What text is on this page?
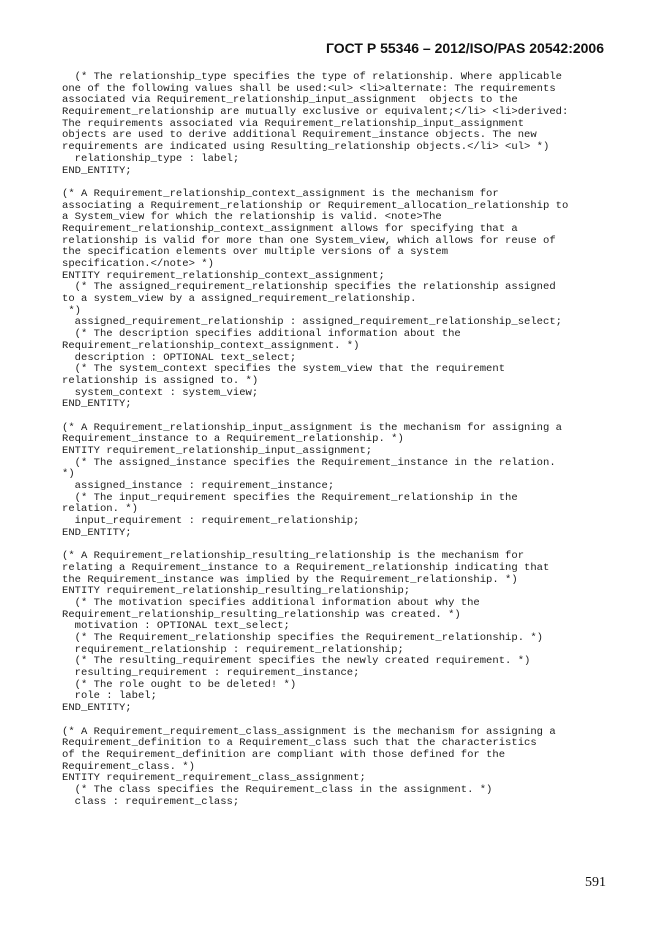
ГОСТ Р 55346 – 2012/ISO/PAS 20542:2006
(* The relationship_type specifies the type of relationship. Where applicable
one of the following values shall be used:<ul> <li>alternate: The requirements
associated via Requirement_relationship_input_assignment  objects to the
Requirement_relationship are mutually exclusive or equivalent;</li> <li>derived:
The requirements associated via Requirement_relationship_input_assignment
objects are used to derive additional Requirement_instance objects. The new
requirements are indicated using Resulting_relationship objects.</li> <ul> *)
relationship_type : label;
END_ENTITY;
(* A Requirement_relationship_context_assignment is the mechanism for
associating a Requirement_relationship or Requirement_allocation_relationship to
a System_view for which the relationship is valid. <note>The
Requirement_relationship_context_assignment allows for specifying that a
relationship is valid for more than one System_view, which allows for reuse of
the specification elements over multiple versions of a system
specification.</note> *)
ENTITY requirement_relationship_context_assignment;
(* The assigned_requirement_relationship specifies the relationship assigned
to a system_view by a assigned_requirement_relationship.
*)
assigned_requirement_relationship : assigned_requirement_relationship_select;
(* The description specifies additional information about the
Requirement_relationship_context_assignment. *)
description : OPTIONAL text_select;
(* The system_context specifies the system_view that the requirement
relationship is assigned to. *)
system_context : system_view;
END_ENTITY;
(* A Requirement_relationship_input_assignment is the mechanism for assigning a
Requirement_instance to a Requirement_relationship. *)
ENTITY requirement_relationship_input_assignment;
(* The assigned_instance specifies the Requirement_instance in the relation.
*)
assigned_instance : requirement_instance;
(* The input_requirement specifies the Requirement_relationship in the
relation. *)
input_requirement : requirement_relationship;
END_ENTITY;
(* A Requirement_relationship_resulting_relationship is the mechanism for
relating a Requirement_instance to a Requirement_relationship indicating that
the Requirement_instance was implied by the Requirement_relationship. *)
ENTITY requirement_relationship_resulting_relationship;
(* The motivation specifies additional information about why the
Requirement_relationship_resulting_relationship was created. *)
motivation : OPTIONAL text_select;
(* The Requirement_relationship specifies the Requirement_relationship. *)
requirement_relationship : requirement_relationship;
(* The resulting_requirement specifies the newly created requirement. *)
resulting_requirement : requirement_instance;
(* The role ought to be deleted! *)
role : label;
END_ENTITY;
(* A Requirement_requirement_class_assignment is the mechanism for assigning a
Requirement_definition to a Requirement_class such that the characteristics
of the Requirement_definition are compliant with those defined for the
Requirement_class. *)
ENTITY requirement_requirement_class_assignment;
(* The class specifies the Requirement_class in the assignment. *)
class : requirement_class;
591
